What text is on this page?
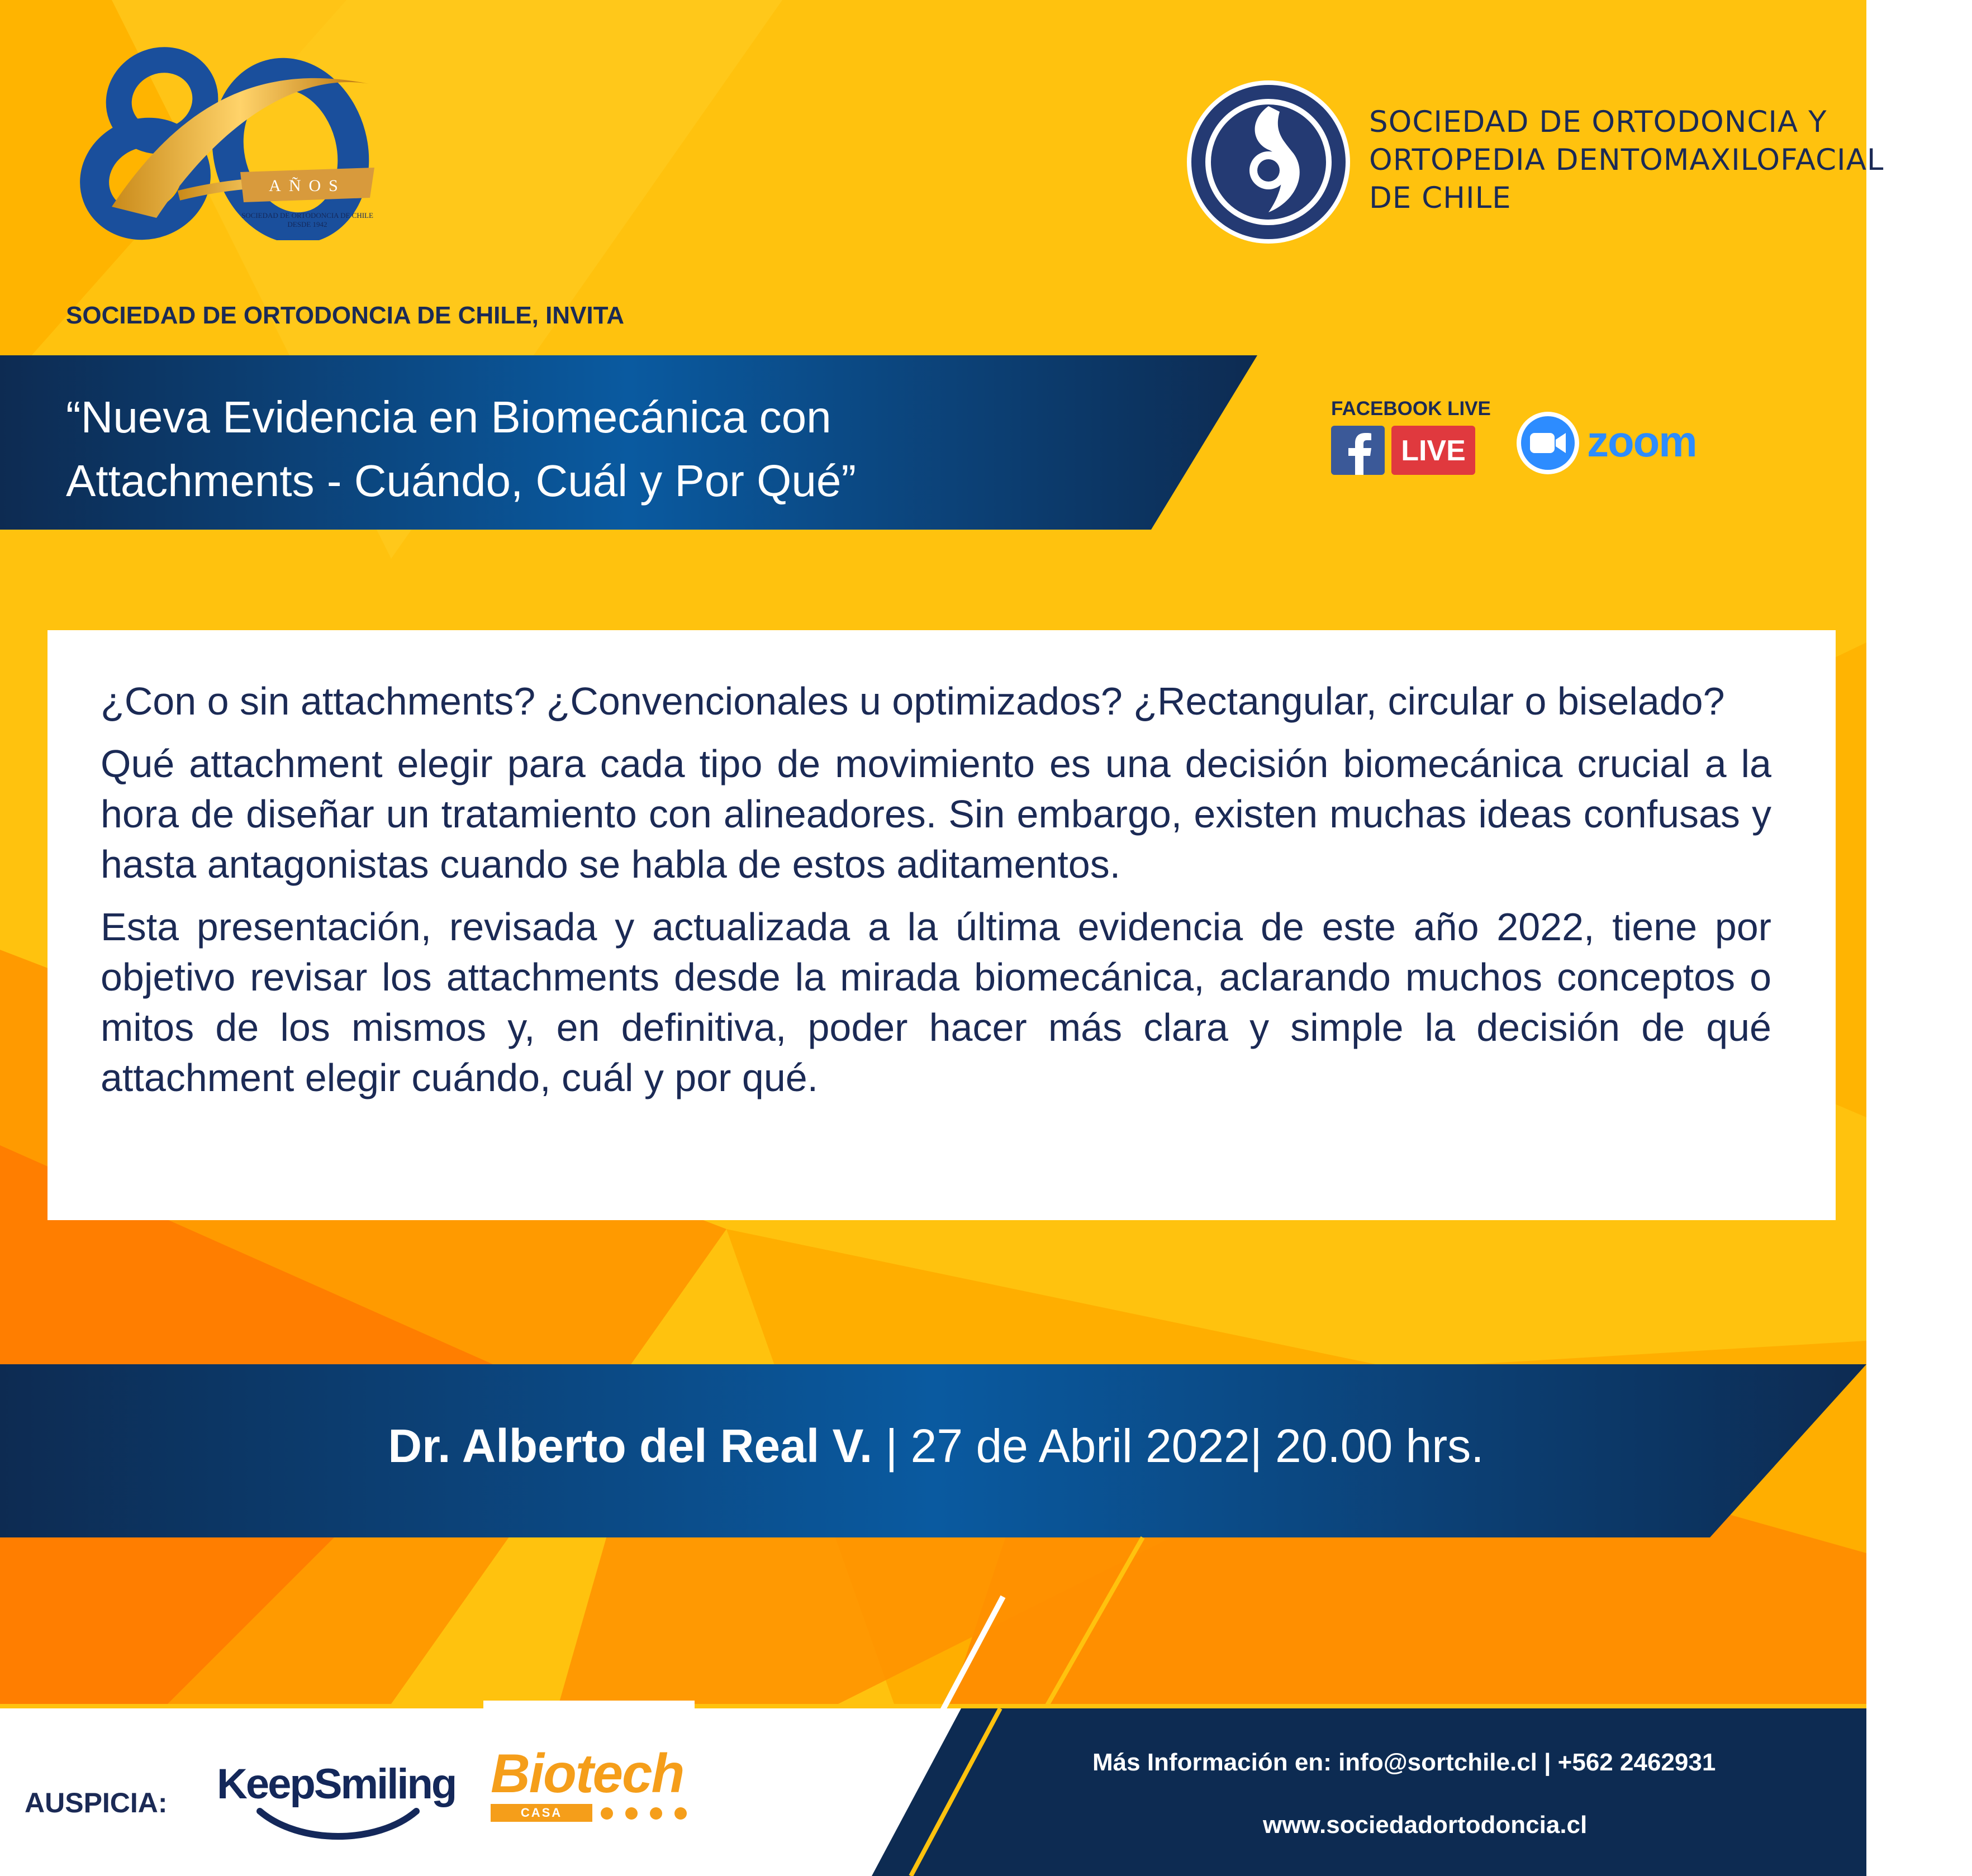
AÑOS
SOCIEDAD DE ORTODONCIA DE CHILE
DESDE 1942
SOCIEDAD DE ORTODONCIA Y
ORTOPEDIA DENTOMAXILOFACIAL
DE CHILE
SOCIEDAD DE ORTODONCIA DE CHILE, INVITA
“Nueva Evidencia en Biomecánica con
Attachments - Cuándo, Cuál y Por Qué”
FACEBOOK LIVE
LIVE	zoom

¿Con o sin attachments? ¿Convencionales u optimizados? ¿Rectangular, circular o biselado?

Qué attachment elegir para cada tipo de movimiento es una decisión biomecánica crucial a la hora de diseñar un tratamiento con alineadores. Sin embargo, existen muchas ideas confusas y hasta antagonistas cuando se habla de estos aditamentos.

Esta presentación, revisada y actualizada a la última evidencia de este año 2022, tiene por objetivo revisar los attachments desde la mirada biomecánica, aclarando muchos conceptos o mitos de los mismos y, en definitiva, poder hacer más clara y simple la decisión de qué attachment elegir cuándo, cuál y por qué.

Dr. Alberto del Real V. | 27 de Abril 2022| 20.00 hrs.
AUSPICIA: KeepSmiling Biotech
CASA DENTAL
Más Información en: info@sortchile.cl | +562 2462931
www.sociedadortodoncia.cl
